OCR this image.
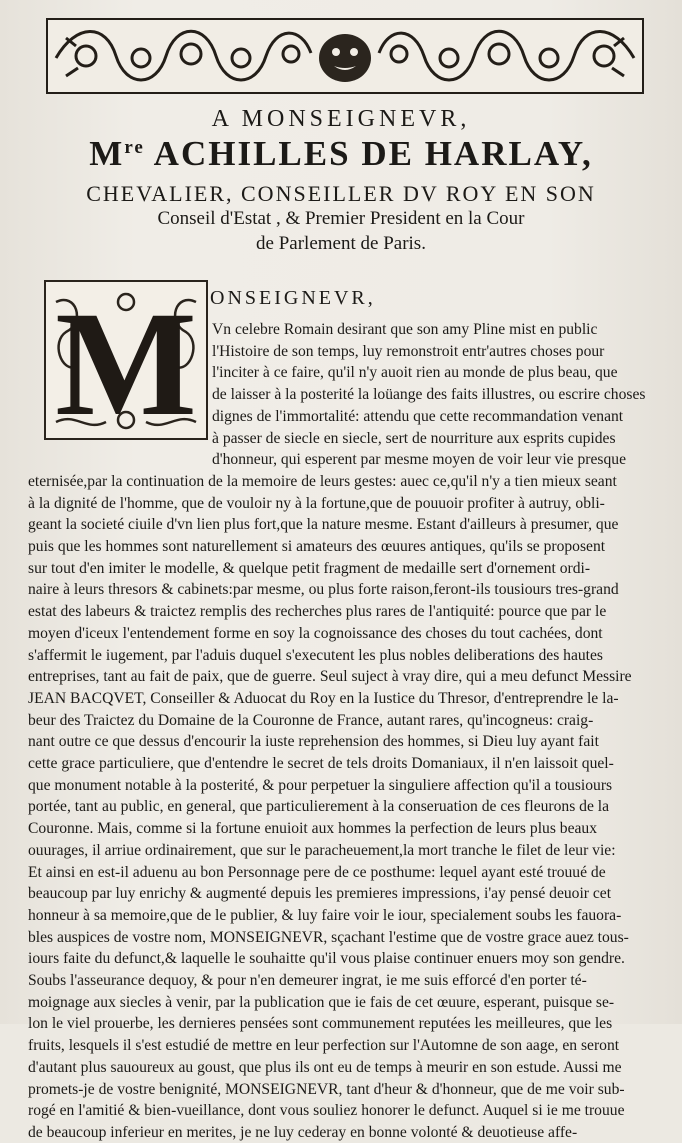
A MONSEIGNEVR,
Mre ACHILLES DE HARLAY,
CHEVALIER, CONSEILLER DV ROY EN SON
Conseil d'Estat , & Premier President en la Cour
de Parlement de Paris.
M ONSEIGNEVR,
Vn celebre Romain desirant que son amy Pline mist en public
l'Histoire de son temps, luy remonstroit entr'autres choses pour
l'inciter à ce faire, qu'il n'y auoit rien au monde de plus beau, que
de laisser à la posterité la loüange des faits illustres, ou escrire choses
dignes de l'immortalité: attendu que cette recommandation venant
à passer de siecle en siecle, sert de nourriture aux esprits cupides
d'honneur, qui esperent par mesme moyen de voir leur vie presque
eternisée,par la continuation de la memoire de leurs gestes: auec ce,qu'il n'y a tien mieux seant
à la dignité de l'homme, que de vouloir ny à la fortune,que de pouuoir profiter à autruy, obli-
geant la societé ciuile d'vn lien plus fort,que la nature mesme. Estant d'ailleurs à presumer, que
puis que les hommes sont naturellement si amateurs des œuures antiques, qu'ils se proposent
sur tout d'en imiter le modelle, & quelque petit fragment de medaille sert d'ornement ordi-
naire à leurs thresors & cabinets:par mesme, ou plus forte raison,feront-ils tousiours tres-grand
estat des labeurs & traictez remplis des recherches plus rares de l'antiquité: pource que par le
moyen d'iceux l'entendement forme en soy la cognoissance des choses du tout cachées, dont
s'affermit le iugement, par l'aduis duquel s'executent les plus nobles deliberations des hautes
entreprises, tant au fait de paix, que de guerre. Seul suject à vray dire, qui a meu defunct Messire
JEAN BACQVET, Conseiller & Aduocat du Roy en la Iustice du Thresor, d'entreprendre le la-
beur des Traictez du Domaine de la Couronne de France, autant rares, qu'incogneus: craig-
nant outre ce que dessus d'encourir la iuste reprehension des hommes, si Dieu luy ayant fait
cette grace particuliere, que d'entendre le secret de tels droits Domaniaux, il n'en laissoit quel-
que monument notable à la posterité, & pour perpetuer la singuliere affection qu'il a tousiours
portée, tant au public, en general, que particulierement à la conseruation de ces fleurons de la
Couronne. Mais, comme si la fortune enuioit aux hommes la perfection de leurs plus beaux
ouurages, il arriue ordinairement, que sur le paracheuement,la mort tranche le filet de leur vie:
Et ainsi en est-il aduenu au bon Personnage pere de ce posthume: lequel ayant esté trouué de
beaucoup par luy enrichy & augmenté depuis les premieres impressions, i'ay pensé deuoir cet
honneur à sa memoire,que de le publier, & luy faire voir le iour, specialement soubs les fauora-
bles auspices de vostre nom, MONSEIGNEVR, sçachant l'estime que de vostre grace auez tous-
iours faite du defunct,& laquelle le souhaitte qu'il vous plaise continuer enuers moy son gendre.
Soubs l'asseurance dequoy, & pour n'en demeurer ingrat, ie me suis efforcé d'en porter té-
moignage aux siecles à venir, par la publication que ie fais de cet œuure, esperant, puisque se-
lon le viel prouerbe, les dernieres pensées sont communement reputées les meilleures, que les
fruits, lesquels il s'est estudié de mettre en leur perfection sur l'Automne de son aage, en seront
d'autant plus sauoureux au goust, que plus ils ont eu de temps à meurir en son estude. Aussi me
promets-je de vostre benignité, MONSEIGNEVR, tant d'heur & d'honneur, que de me voir sub-
rogé en l'amitié & bien-vueillance, dont vous souliez honorer le defunct. Auquel si ie me trouue
de beaucoup inferieur en merites, je ne luy cederay en bonne volonté & deuotieuse affe-
